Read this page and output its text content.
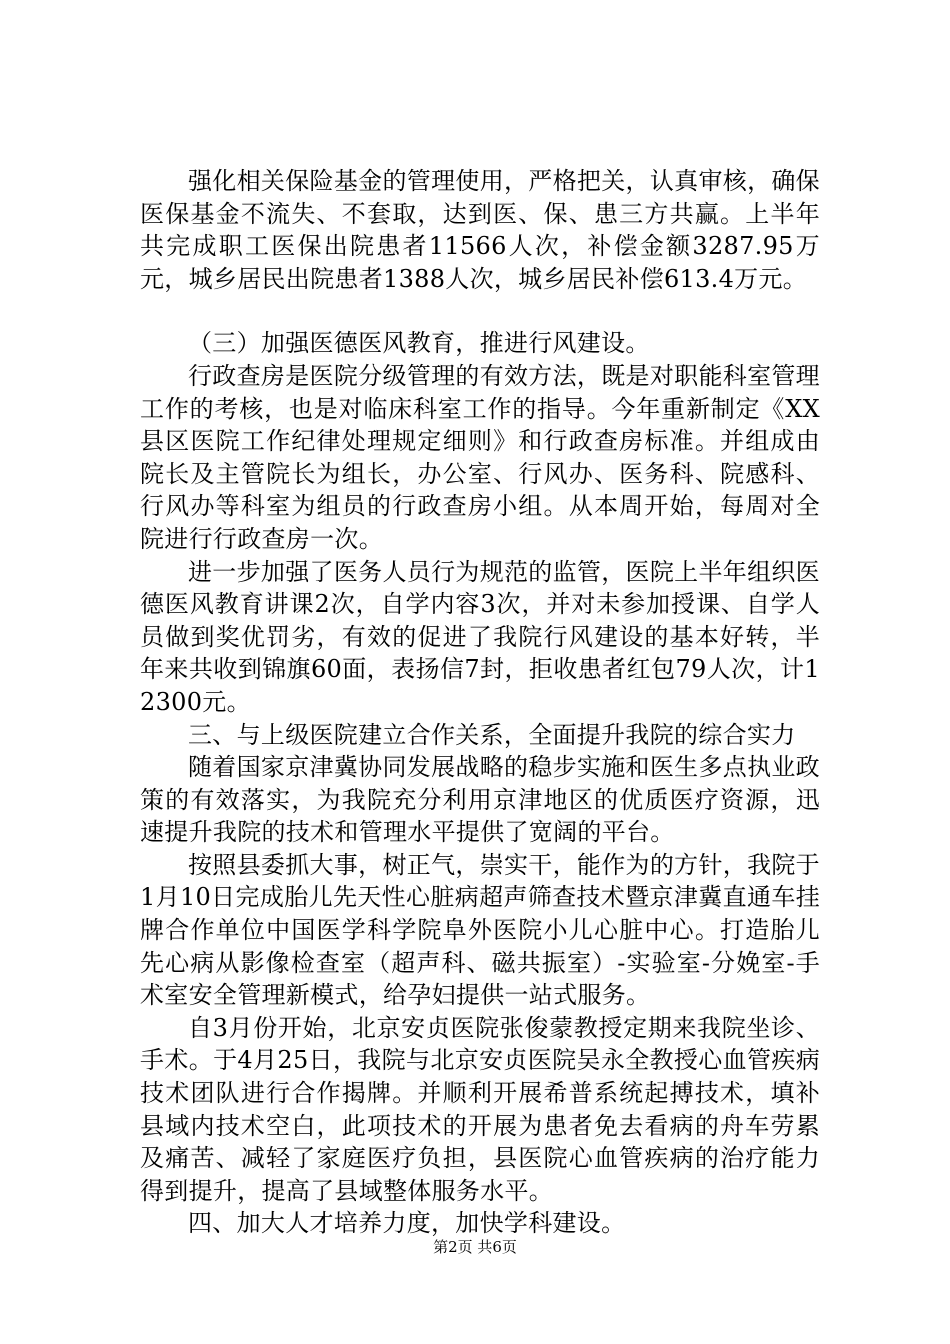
强化相关保险基金的管理使用，严格把关，认真审核，确保医保基金不流失、不套取，达到医、保、患三方共赢。上半年共完成职工医保出院患者11566人次，补偿金额3287.95万元，城乡居民出院患者1388人次，城乡居民补偿613.4万元。

（三）加强医德医风教育，推进行风建设。

行政查房是医院分级管理的有效方法，既是对职能科室管理工作的考核，也是对临床科室工作的指导。今年重新制定《XX县区医院工作纪律处理规定细则》和行政查房标准。并组成由院长及主管院长为组长，办公室、行风办、医务科、院感科、行风办等科室为组员的行政查房小组。从本周开始，每周对全院进行行政查房一次。

进一步加强了医务人员行为规范的监管，医院上半年组织医德医风教育讲课2次，自学内容3次，并对未参加授课、自学人员做到奖优罚劣，有效的促进了我院行风建设的基本好转，半年来共收到锦旗60面，表扬信7封，拒收患者红包79人次，计12300元。

三、与上级医院建立合作关系，全面提升我院的综合实力

随着国家京津冀协同发展战略的稳步实施和医生多点执业政策的有效落实，为我院充分利用京津地区的优质医疗资源，迅速提升我院的技术和管理水平提供了宽阔的平台。

按照县委抓大事，树正气，崇实干，能作为的方针，我院于1月10日完成胎儿先天性心脏病超声筛查技术暨京津冀直通车挂牌合作单位中国医学科学院阜外医院小儿心脏中心。打造胎儿先心病从影像检查室（超声科、磁共振室）-实验室-分娩室-手术室安全管理新模式，给孕妇提供一站式服务。

自3月份开始，北京安贞医院张俊蒙教授定期来我院坐诊、手术。于4月25日，我院与北京安贞医院吴永全教授心血管疾病技术团队进行合作揭牌。并顺利开展希普系统起搏技术，填补县域内技术空白，此项技术的开展为患者免去看病的舟车劳累及痛苦、减轻了家庭医疗负担，县医院心血管疾病的治疗能力得到提升，提高了县域整体服务水平。

四、加大人才培养力度，加快学科建设。

第2页 共6页
